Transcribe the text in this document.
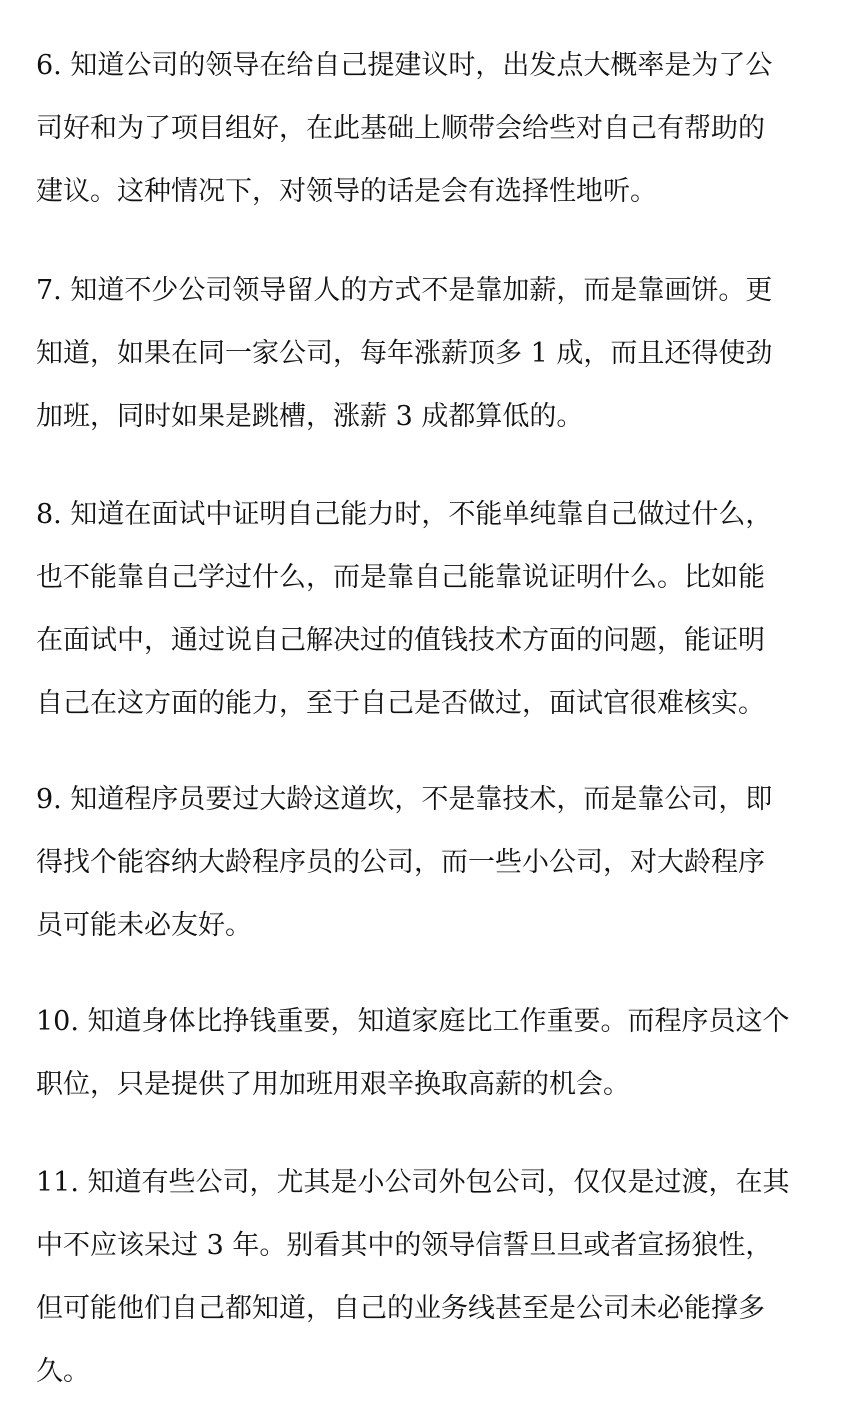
6. 知道公司的领导在给自己提建议时，出发点大概率是为了公
司好和为了项目组好，在此基础上顺带会给些对自己有帮助的
建议。这种情况下，对领导的话是会有选择性地听。
7. 知道不少公司领导留人的方式不是靠加薪，而是靠画饼。更
知道，如果在同一家公司，每年涨薪顶多 1 成，而且还得使劲
加班，同时如果是跳槽，涨薪 3 成都算低的。
8. 知道在面试中证明自己能力时，不能单纯靠自己做过什么，
也不能靠自己学过什么，而是靠自己能靠说证明什么。比如能
在面试中，通过说自己解决过的值钱技术方面的问题，能证明
自己在这方面的能力，至于自己是否做过，面试官很难核实。
9. 知道程序员要过大龄这道坎，不是靠技术，而是靠公司，即
得找个能容纳大龄程序员的公司，而一些小公司，对大龄程序
员可能未必友好。
10. 知道身体比挣钱重要，知道家庭比工作重要。而程序员这个
职位，只是提供了用加班用艰辛换取高薪的机会。
11. 知道有些公司，尤其是小公司外包公司，仅仅是过渡，在其
中不应该呆过 3 年。别看其中的领导信誓旦旦或者宣扬狼性，
但可能他们自己都知道，自己的业务线甚至是公司未必能撑多
久。
